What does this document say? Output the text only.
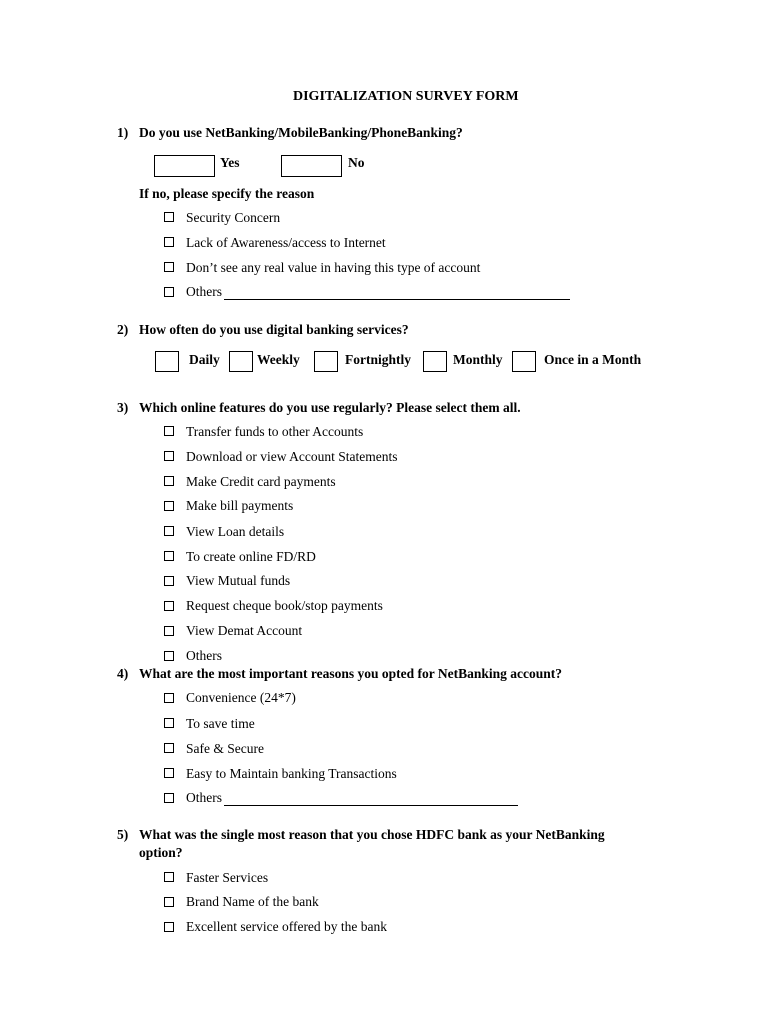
DIGITALIZATION SURVEY FORM
1) Do you use NetBanking/MobileBanking/PhoneBanking?
Yes	No
If no, please specify the reason
Security Concern
Lack of Awareness/access to Internet
Don’t see any real value in having this type of account
Others
2) How often do you use digital banking services?
Daily	Weekly	Fortnightly	Monthly	Once in a Month
3) Which online features do you use regularly? Please select them all.
Transfer funds to other Accounts
Download or view Account Statements
Make Credit card payments
Make bill payments
View Loan details
To create online FD/RD
View Mutual funds
Request cheque book/stop payments
View Demat Account
Others
4) What are the most important reasons you opted for NetBanking account?
Convenience (24*7)
To save time
Safe & Secure
Easy to Maintain banking Transactions
Others
5) What was the single most reason that you chose HDFC bank as your NetBanking
option?
Faster Services
Brand Name of the bank
Excellent service offered by the bank
